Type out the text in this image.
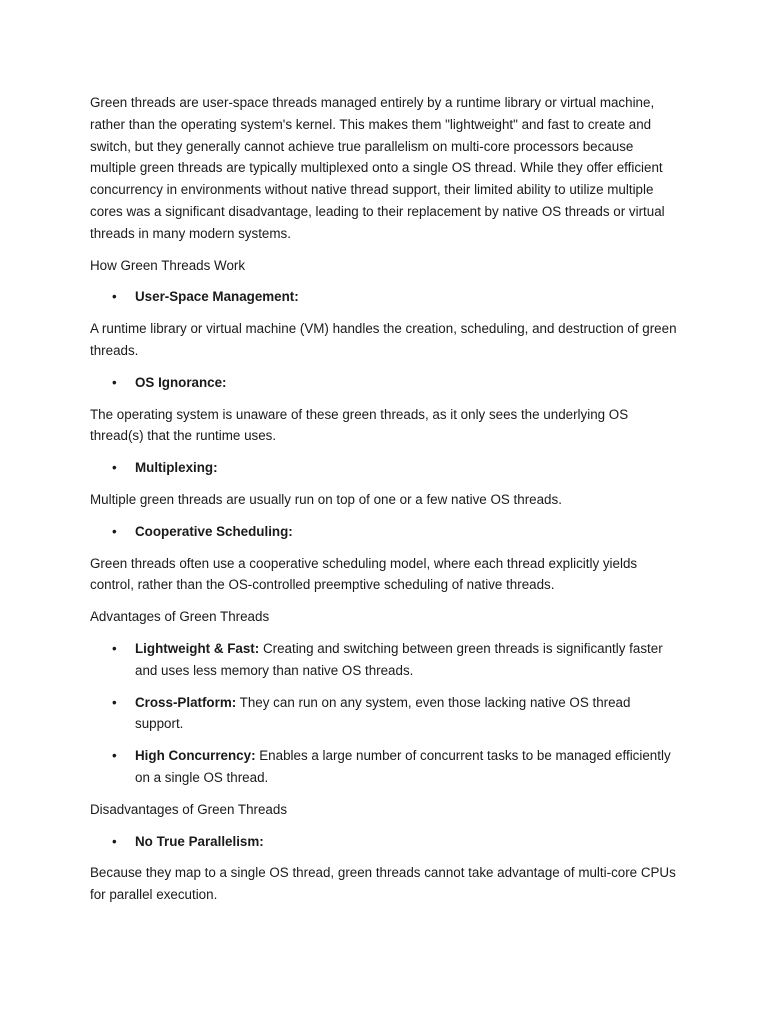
Green threads are user-space threads managed entirely by a runtime library or virtual machine, rather than the operating system's kernel. This makes them "lightweight" and fast to create and switch, but they generally cannot achieve true parallelism on multi-core processors because multiple green threads are typically multiplexed onto a single OS thread. While they offer efficient concurrency in environments without native thread support, their limited ability to utilize multiple cores was a significant disadvantage, leading to their replacement by native OS threads or virtual threads in many modern systems.

How Green Threads Work

• User-Space Management:

A runtime library or virtual machine (VM) handles the creation, scheduling, and destruction of green threads.

• OS Ignorance:

The operating system is unaware of these green threads, as it only sees the underlying OS thread(s) that the runtime uses.

• Multiplexing:

Multiple green threads are usually run on top of one or a few native OS threads.

• Cooperative Scheduling:

Green threads often use a cooperative scheduling model, where each thread explicitly yields control, rather than the OS-controlled preemptive scheduling of native threads.

Advantages of Green Threads

• Lightweight & Fast: Creating and switching between green threads is significantly faster and uses less memory than native OS threads.
• Cross-Platform: They can run on any system, even those lacking native OS thread support.
• High Concurrency: Enables a large number of concurrent tasks to be managed efficiently on a single OS thread.

Disadvantages of Green Threads

• No True Parallelism:

Because they map to a single OS thread, green threads cannot take advantage of multi-core CPUs for parallel execution.
